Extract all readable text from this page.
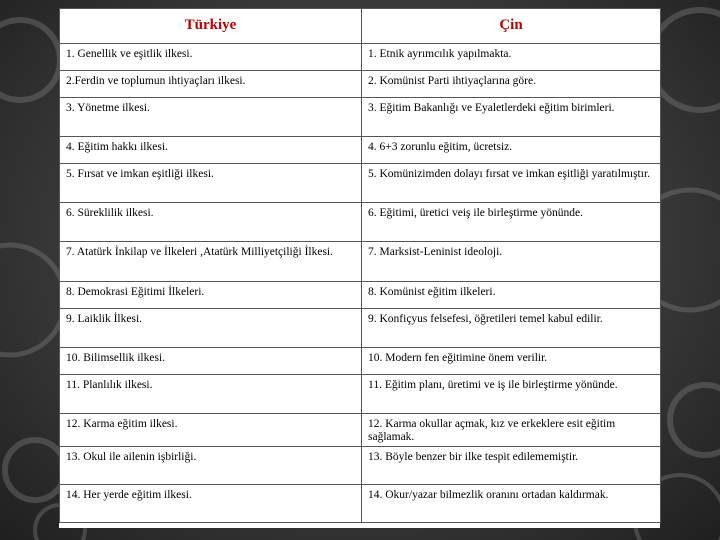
Türkiye	Çin
1. Genellik ve eşitlik ilkesi.	1. Etnik ayrımcılık yapılmakta.
2.Ferdin ve toplumun ihtiyaçları ilkesi.	2. Komünist Parti ihtiyaçlarına göre.
3. Yönetme ilkesi.	3. Eğitim Bakanlığı ve Eyaletlerdeki eğitim birimleri.
4. Eğitim hakkı ilkesi.	4. 6+3 zorunlu eğitim, ücretsiz.
5. Fırsat ve imkan eşitliği ilkesi.	5. Komünizimden dolayı fırsat ve imkan eşitliği yaratılmıştır.
6. Süreklilik ilkesi.	6. Eğitimi, üretici veiş ile birleştirme yönünde.
7. Atatürk İnkilap ve İlkeleri ,Atatürk Milliyetçiliği İlkesi.	7. Marksist-Leninist ideoloji.
8. Demokrasi Eğitimi İlkeleri.	8. Komünist eğitim ilkeleri.
9. Laiklik İlkesi.	9. Konfiçyus felsefesi, öğretileri temel kabul edilir.
10. Bilimsellik ilkesi.	10. Modern fen eğitimine önem verilir.
11. Planlılık ilkesi.	11. Eğitim planı, üretimi ve iş ile birleştirme yönünde.
12. Karma eğitim ilkesi.	12. Karma okullar açmak, kız ve erkeklere esit eğitim sağlamak.
13. Okul ile ailenin işbirliği.	13. Böyle benzer bir ilke tespit edilememiştir.
14. Her yerde eğitim ilkesi.	14. Okur/yazar bilmezlik oranını ortadan kaldırmak.
